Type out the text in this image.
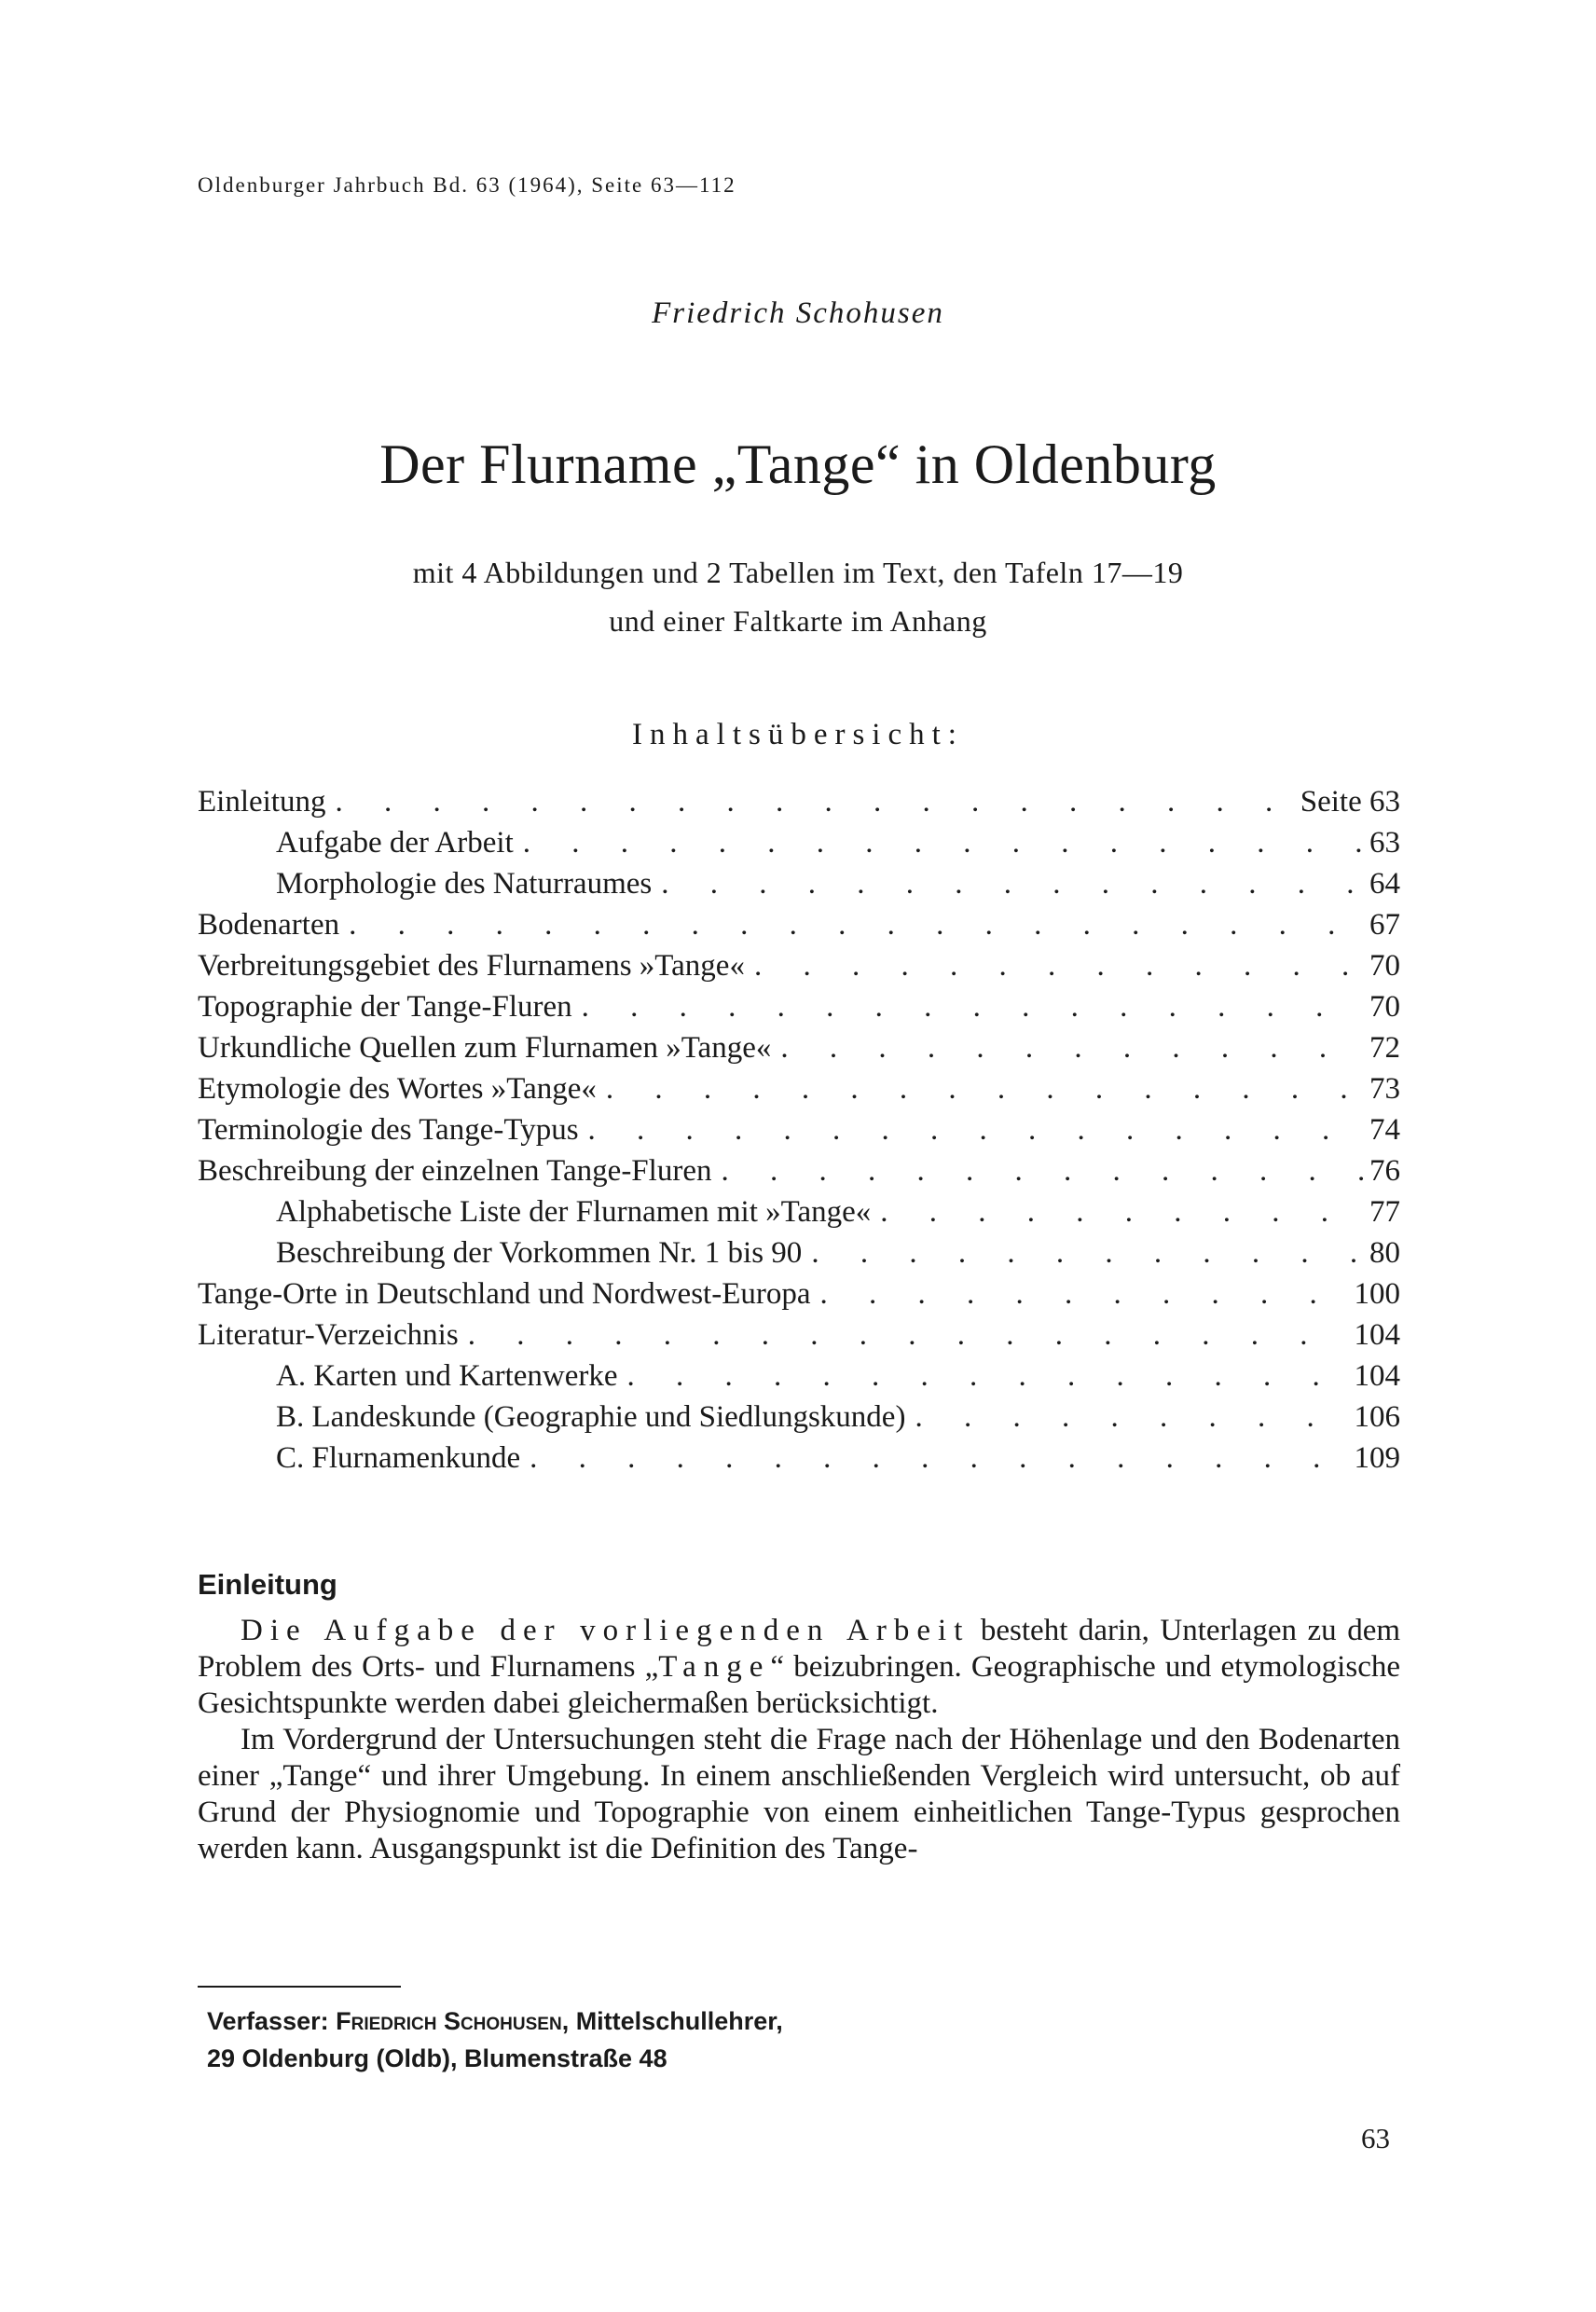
Oldenburger Jahrbuch Bd. 63 (1964), Seite 63—112
Friedrich Schohusen
Der Flurname „Tange“ in Oldenburg
mit 4 Abbildungen und 2 Tabellen im Text, den Tafeln 17—19
und einer Faltkarte im Anhang
Inhaltsübersicht:
Einleitung . . .	Seite 63
Aufgabe der Arbeit . . .	63
Morphologie des Naturraumes . . .	64
Bodenarten . . .	67
Verbreitungsgebiet des Flurnamens »Tange« . . .	70
Topographie der Tange-Fluren . . .	70
Urkundliche Quellen zum Flurnamen »Tange« . . .	72
Etymologie des Wortes »Tange« . . .	73
Terminologie des Tange-Typus . . .	74
Beschreibung der einzelnen Tange-Fluren . . .	76
Alphabetische Liste der Flurnamen mit »Tange« . . .	77
Beschreibung der Vorkommen Nr. 1 bis 90 . . .	80
Tange-Orte in Deutschland und Nordwest-Europa . . .	100
Literatur-Verzeichnis . . .	104
A. Karten und Kartenwerke . . .	104
B. Landeskunde (Geographie und Siedlungskunde) . . .	106
C. Flurnamenkunde . . .	109
Einleitung

Die Aufgabe der vorliegenden Arbeit besteht darin, Unterlagen zu dem Problem des Orts- und Flurnamens „Tange“ beizubringen. Geographische und etymologische Gesichtspunkte werden dabei gleichermaßen berücksichtigt.

Im Vordergrund der Untersuchungen steht die Frage nach der Höhenlage und den Bodenarten einer „Tange“ und ihrer Umgebung. In einem anschließenden Vergleich wird untersucht, ob auf Grund der Physiognomie und Topographie von einem einheitlichen Tange-Typus gesprochen werden kann. Ausgangspunkt ist die Definition des Tange-

Verfasser: Friedrich Schohusen, Mittelschullehrer,
29 Oldenburg (Oldb), Blumenstraße 48
63
